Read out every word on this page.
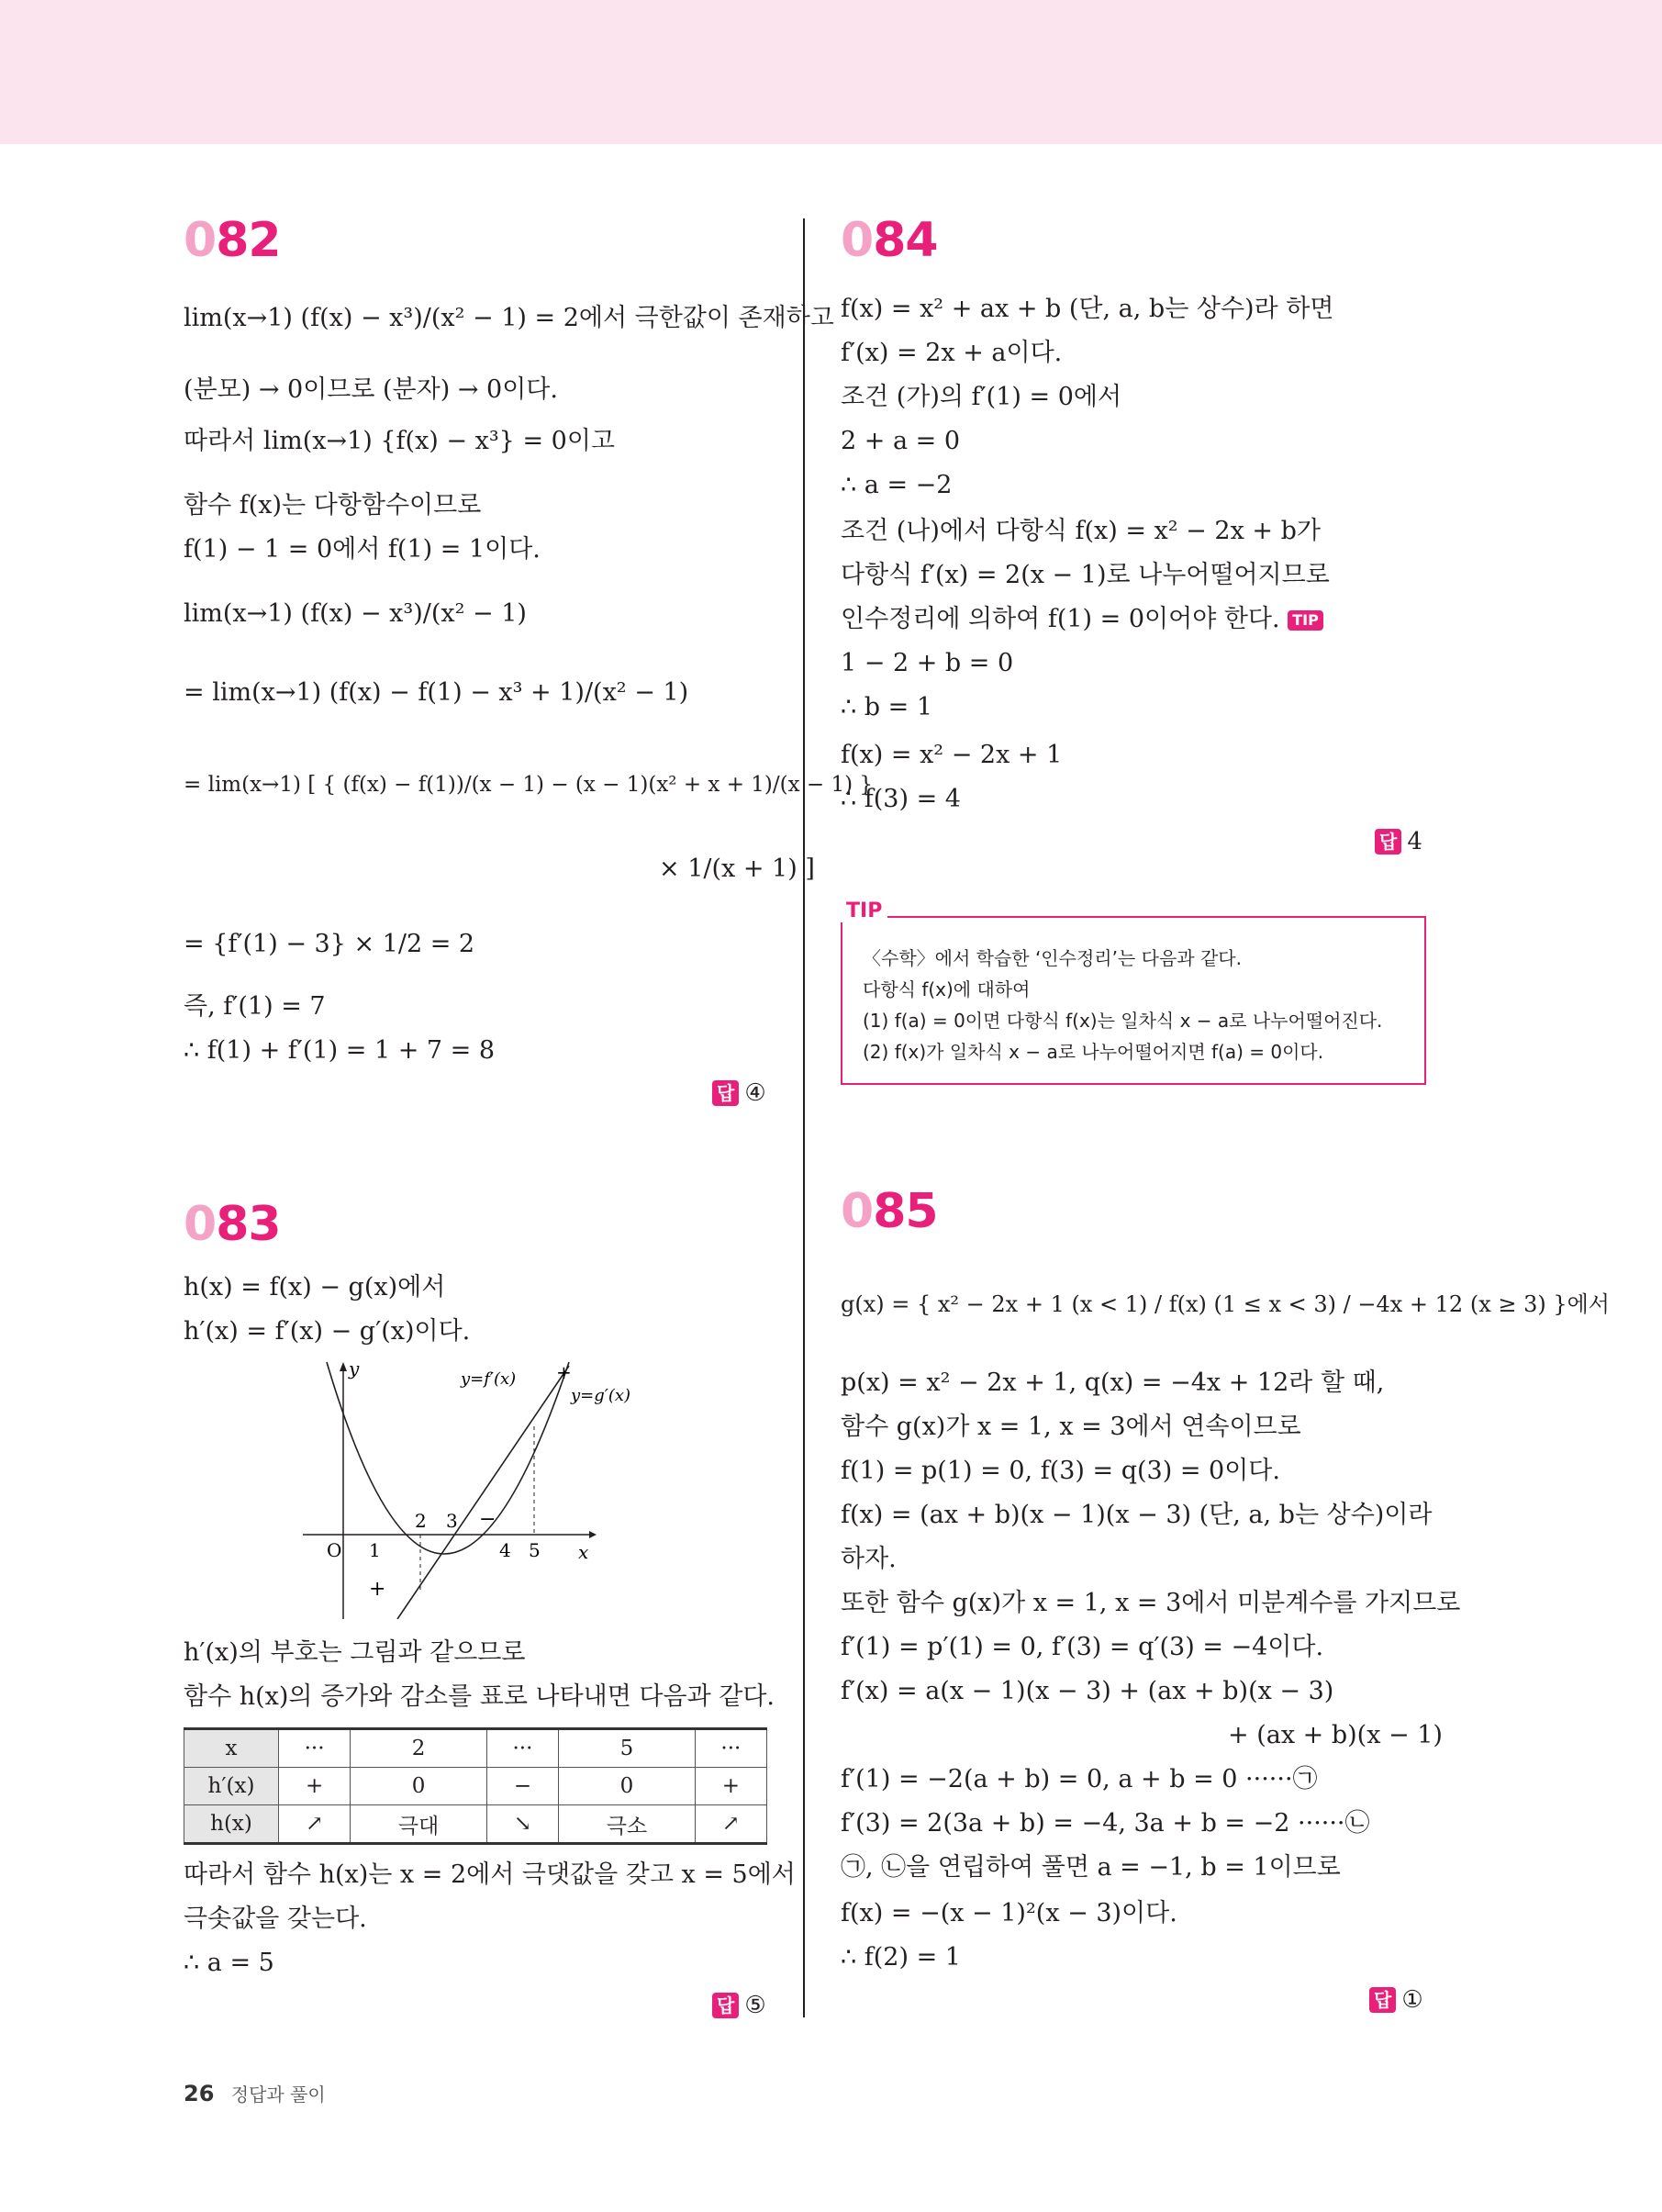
082
lim(x→1) (f(x) − x³)/(x² − 1) = 2에서 극한값이 존재하고
(분모) → 0이므로 (분자) → 0이다.
따라서 lim(x→1) {f(x) − x³} = 0이고
함수 f(x)는 다항함수이므로
f(1) − 1 = 0에서 f(1) = 1이다.
lim(x→1) (f(x) − x³)/(x² − 1)
= lim(x→1) (f(x) − f(1) − x³ + 1)/(x² − 1)
= lim(x→1) [ { (f(x) − f(1))/(x − 1) − (x − 1)(x² + x + 1)/(x − 1) }
× 1/(x + 1) ]
= {f′(1) − 3} × 1/2 = 2
즉, f′(1) = 7
∴ f(1) + f′(1) = 1 + 7 = 8
답 ④
083
h(x) = f(x) − g(x)에서
h′(x) = f′(x) − g′(x)이다.
y
x
O
y=f′(x)
y=g′(x)
1
2 3
4 5
+
−
+
h′(x)의 부호는 그림과 같으므로
함수 h(x)의 증가와 감소를 표로 나타내면 다음과 같다.
x	···	2	···	5	···
h′(x)	+	0	−	0	+
h(x)	↗	극대	↘	극소	↗
따라서 함수 h(x)는 x = 2에서 극댓값을 갖고 x = 5에서
극솟값을 갖는다.
∴ a = 5
답 ⑤
084
f(x) = x² + ax + b (단, a, b는 상수)라 하면
f′(x) = 2x + a이다.
조건 (가)의 f′(1) = 0에서
2 + a = 0
∴ a = −2
조건 (나)에서 다항식 f(x) = x² − 2x + b가
다항식 f′(x) = 2(x − 1)로 나누어떨어지므로
인수정리에 의하여 f(1) = 0이어야 한다. TIP
1 − 2 + b = 0
∴ b = 1
f(x) = x² − 2x + 1
∴ f(3) = 4
답 4
TIP
〈수학〉에서 학습한 ‘인수정리’는 다음과 같다.
다항식 f(x)에 대하여
(1) f(a) = 0이면 다항식 f(x)는 일차식 x − a로 나누어떨어진다.
(2) f(x)가 일차식 x − a로 나누어떨어지면 f(a) = 0이다.
085
g(x) = { x² − 2x + 1 (x < 1) / f(x) (1 ≤ x < 3) / −4x + 12 (x ≥ 3) }에서
p(x) = x² − 2x + 1, q(x) = −4x + 12라 할 때,
함수 g(x)가 x = 1, x = 3에서 연속이므로
f(1) = p(1) = 0, f(3) = q(3) = 0이다.
f(x) = (ax + b)(x − 1)(x − 3) (단, a, b는 상수)이라
하자.
또한 함수 g(x)가 x = 1, x = 3에서 미분계수를 가지므로
f′(1) = p′(1) = 0, f′(3) = q′(3) = −4이다.
f′(x) = a(x − 1)(x − 3) + (ax + b)(x − 3)
+ (ax + b)(x − 1)
f′(1) = −2(a + b) = 0, a + b = 0 ······㉠
f′(3) = 2(3a + b) = −4, 3a + b = −2 ······㉡
㉠, ㉡을 연립하여 풀면 a = −1, b = 1이므로
f(x) = −(x − 1)²(x − 3)이다.
∴ f(2) = 1
답 ①
26 정답과 풀이
